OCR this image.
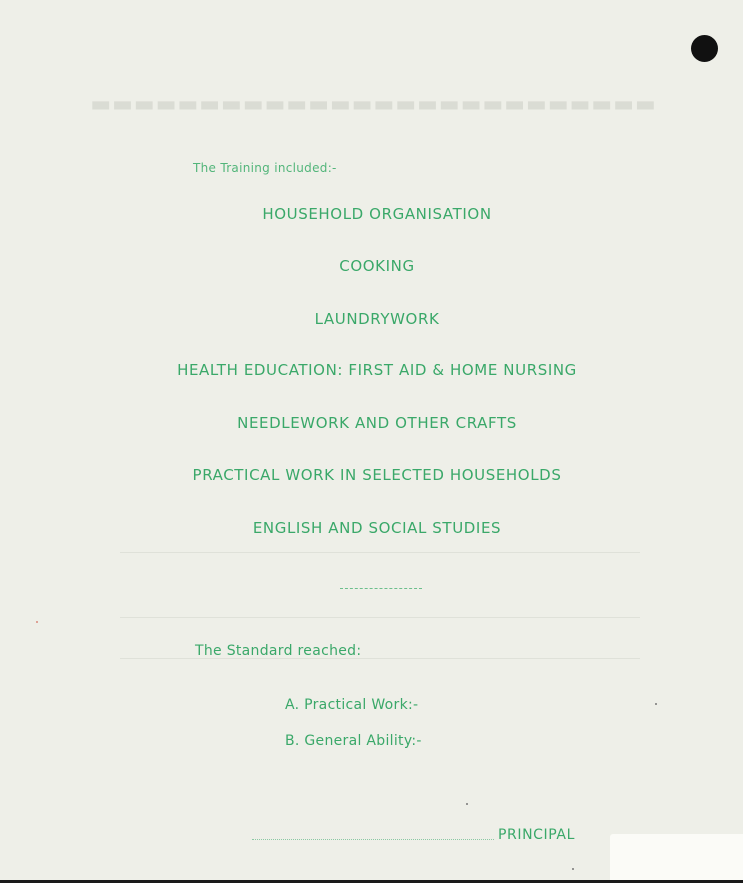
▬▬▬▬▬▬▬▬▬▬▬▬▬▬▬▬▬▬▬▬▬▬▬▬▬▬
The Training included:-
HOUSEHOLD ORGANISATION
COOKING
LAUNDRYWORK
HEALTH EDUCATION: FIRST AID & HOME NURSING
NEEDLEWORK AND OTHER CRAFTS
PRACTICAL WORK IN SELECTED HOUSEHOLDS
ENGLISH AND SOCIAL STUDIES
The Standard reached:
A. Practical Work:-
B. General Ability:-
PRINCIPAL
